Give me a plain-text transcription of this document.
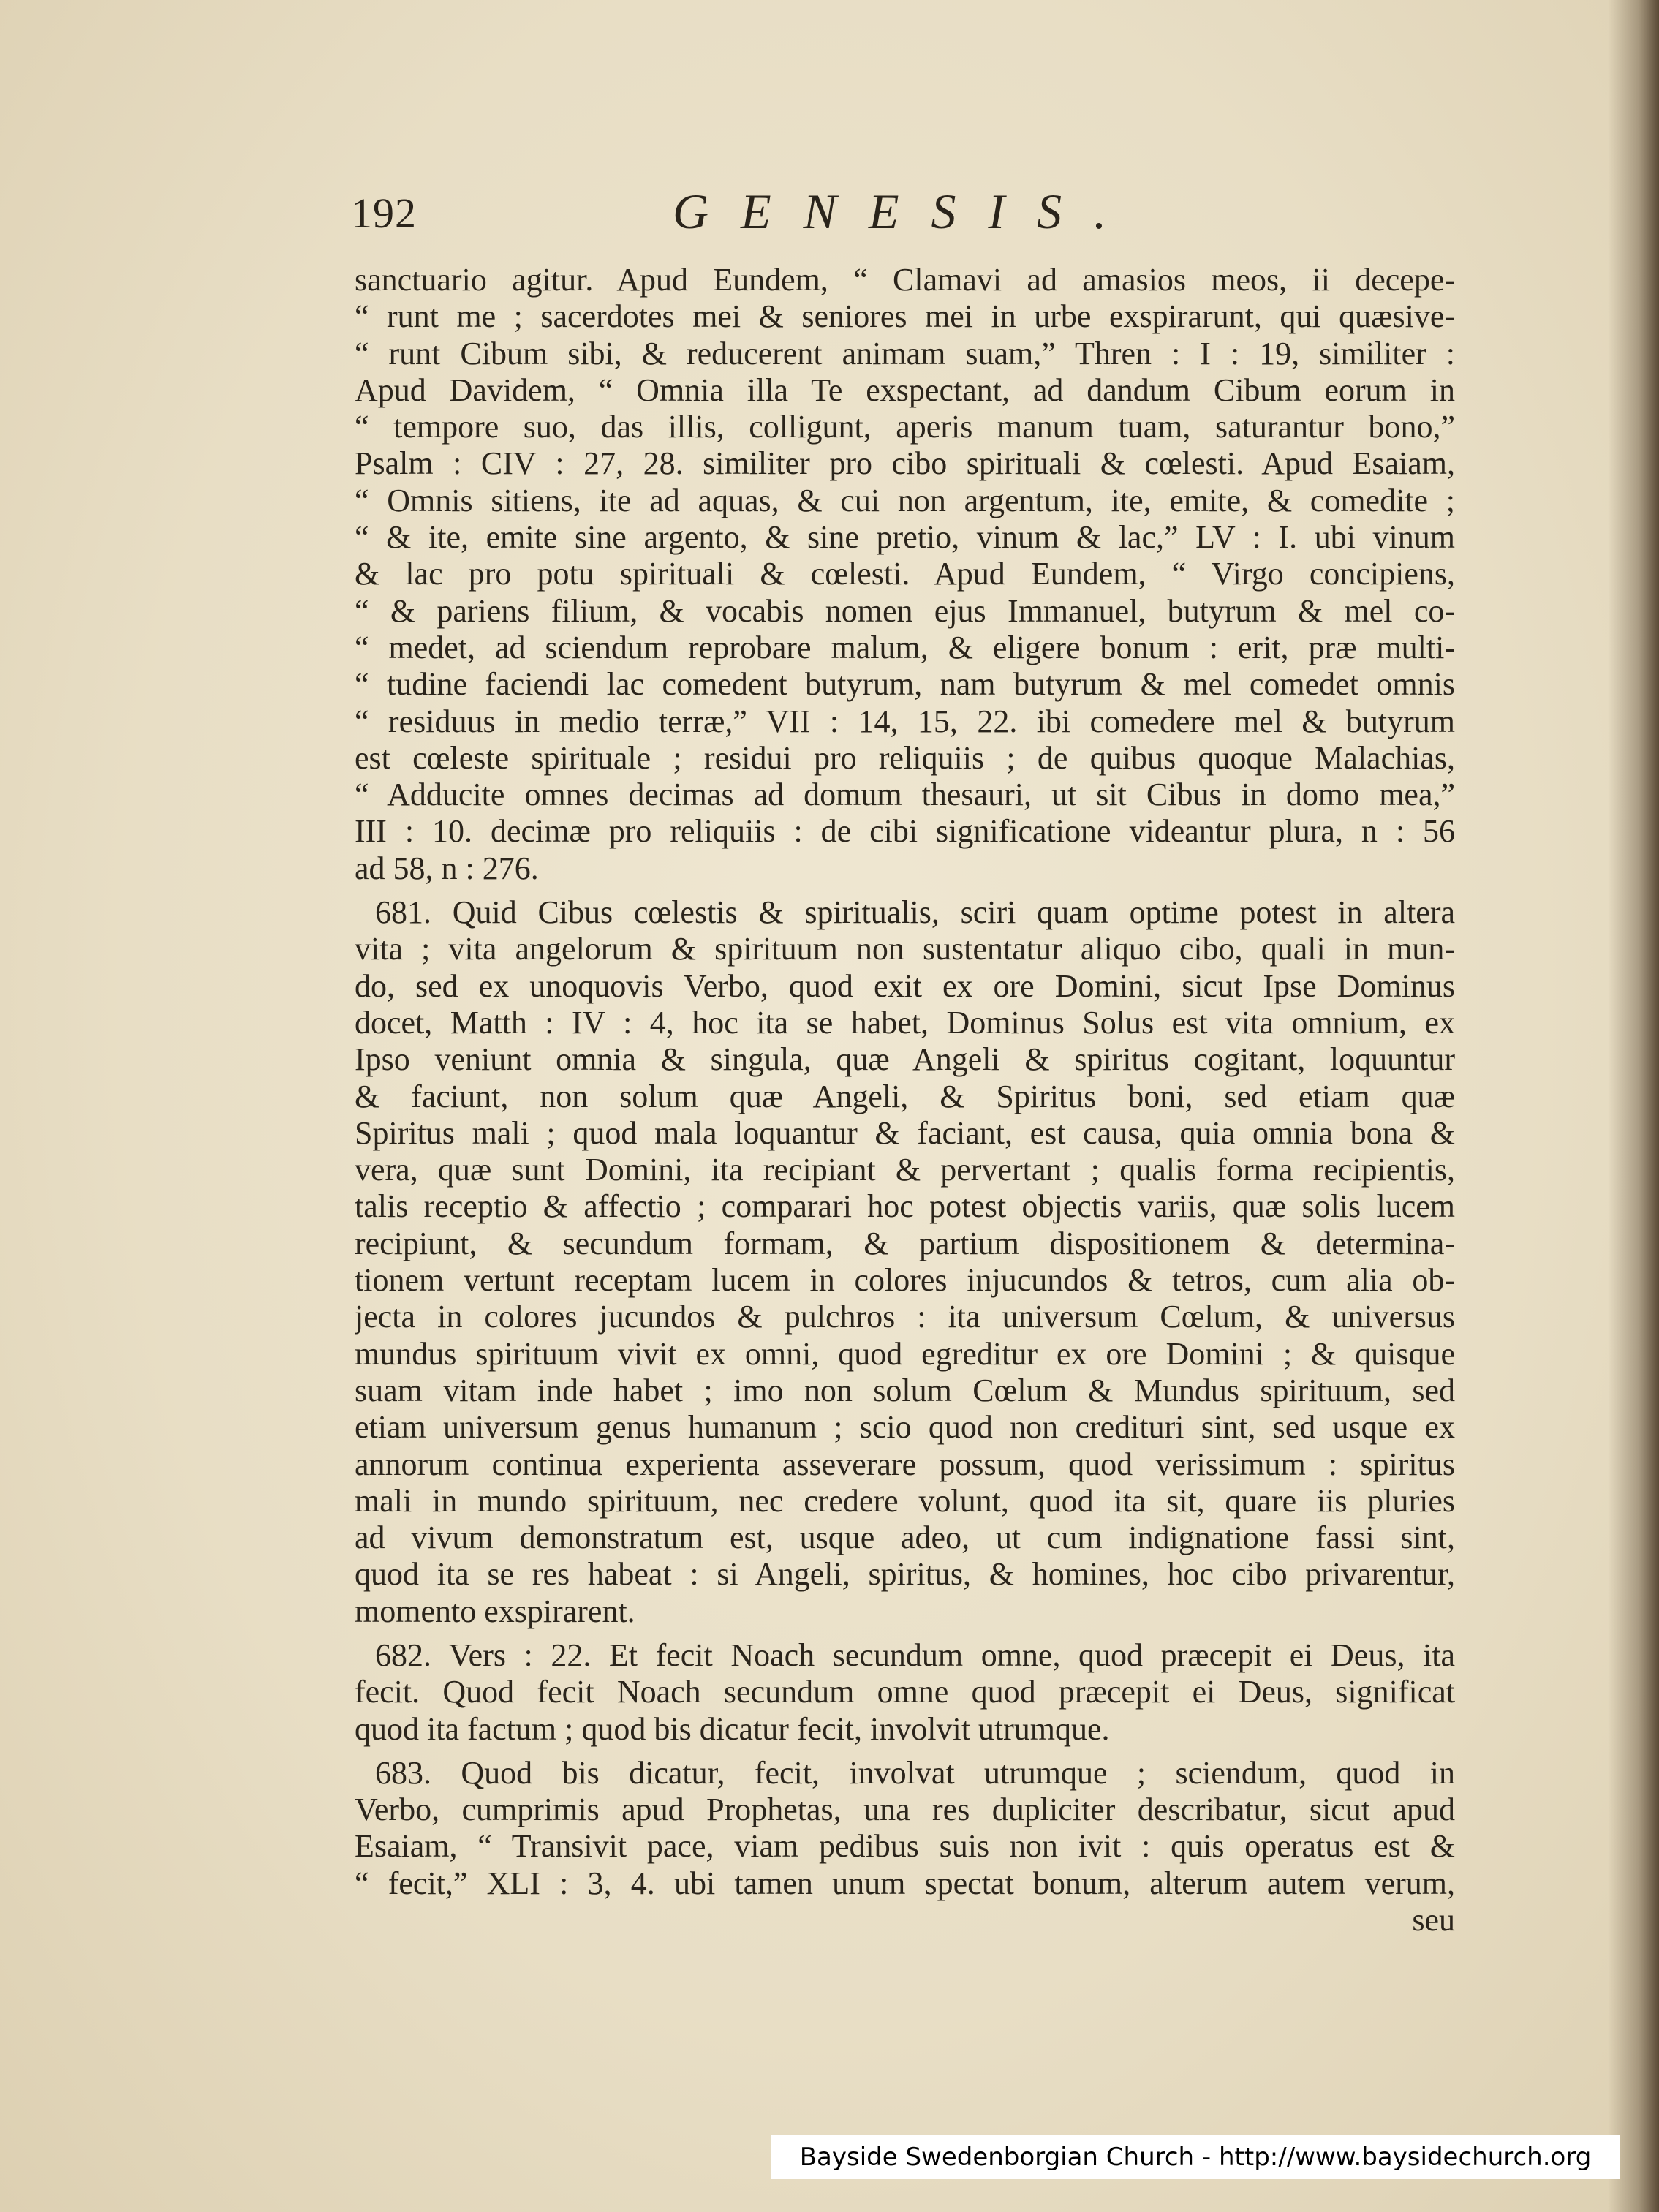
192	GENESIS.
sanctuario agitur. Apud Eundem, “ Clamavi ad amasios meos, ii decepe-
“ runt me ; sacerdotes mei & seniores mei in urbe exspirarunt, qui quæsive-
“ runt Cibum sibi, & reducerent animam suam,” Thren : I : 19, similiter :
Apud Davidem, “ Omnia illa Te exspectant, ad dandum Cibum eorum in
“ tempore suo, das illis, colligunt, aperis manum tuam, saturantur bono,”
Psalm : CIV : 27, 28. similiter pro cibo spirituali & cœlesti. Apud Esaiam,
“ Omnis sitiens, ite ad aquas, & cui non argentum, ite, emite, & comedite ;
“ & ite, emite sine argento, & sine pretio, vinum & lac,” LV : I. ubi vinum
& lac pro potu spirituali & cœlesti. Apud Eundem, “ Virgo concipiens,
“ & pariens filium, & vocabis nomen ejus Immanuel, butyrum & mel co-
“ medet, ad sciendum reprobare malum, & eligere bonum : erit, præ multi-
“ tudine faciendi lac comedent butyrum, nam butyrum & mel comedet omnis
“ residuus in medio terræ,” VII : 14, 15, 22. ibi comedere mel & butyrum
est cœleste spirituale ; residui pro reliquiis ; de quibus quoque Malachias,
“ Adducite omnes decimas ad domum thesauri, ut sit Cibus in domo mea,”
III : 10. decimæ pro reliquiis : de cibi significatione videantur plura, n : 56
ad 58, n : 276.
681. Quid Cibus cœlestis & spiritualis, sciri quam optime potest in altera
vita ; vita angelorum & spirituum non sustentatur aliquo cibo, quali in mun-
do, sed ex unoquovis Verbo, quod exit ex ore Domini, sicut Ipse Dominus
docet, Matth : IV : 4, hoc ita se habet, Dominus Solus est vita omnium, ex
Ipso veniunt omnia & singula, quæ Angeli & spiritus cogitant, loquuntur
& faciunt, non solum quæ Angeli, & Spiritus boni, sed etiam quæ
Spiritus mali ; quod mala loquantur & faciant, est causa, quia omnia bona &
vera, quæ sunt Domini, ita recipiant & pervertant ; qualis forma recipientis,
talis receptio & affectio ; comparari hoc potest objectis variis, quæ solis lucem
recipiunt, & secundum formam, & partium dispositionem & determina-
tionem vertunt receptam lucem in colores injucundos & tetros, cum alia ob-
jecta in colores jucundos & pulchros : ita universum Cœlum, & universus
mundus spirituum vivit ex omni, quod egreditur ex ore Domini ; & quisque
suam vitam inde habet ; imo non solum Cœlum & Mundus spirituum, sed
etiam universum genus humanum ; scio quod non credituri sint, sed usque ex
annorum continua experienta asseverare possum, quod verissimum : spiritus
mali in mundo spirituum, nec credere volunt, quod ita sit, quare iis pluries
ad vivum demonstratum est, usque adeo, ut cum indignatione fassi sint,
quod ita se res habeat : si Angeli, spiritus, & homines, hoc cibo privarentur,
momento exspirarent.
682. Vers : 22. Et fecit Noach secundum omne, quod præcepit ei Deus, ita
fecit. Quod fecit Noach secundum omne quod præcepit ei Deus, significat
quod ita factum ; quod bis dicatur fecit, involvit utrumque.
683. Quod bis dicatur, fecit, involvat utrumque ; sciendum, quod in
Verbo, cumprimis apud Prophetas, una res dupliciter describatur, sicut apud
Esaiam, “ Transivit pace, viam pedibus suis non ivit : quis operatus est &
“ fecit,” XLI : 3, 4. ubi tamen unum spectat bonum, alterum autem verum,
seu
Bayside Swedenborgian Church - http://www.baysidechurch.org
